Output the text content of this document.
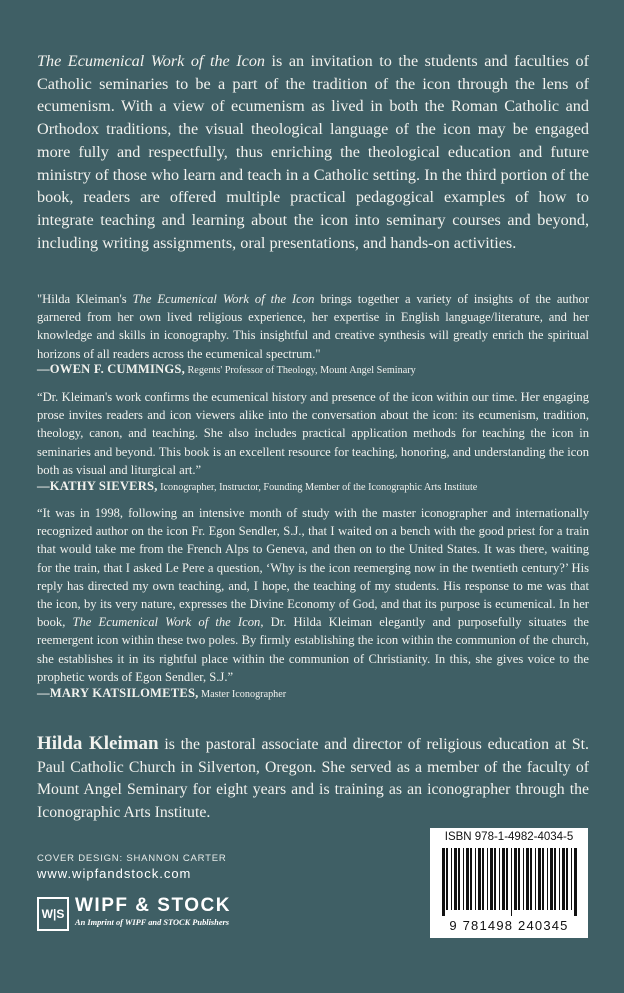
The Ecumenical Work of the Icon is an invitation to the students and faculties of Catholic seminaries to be a part of the tradition of the icon through the lens of ecumenism. With a view of ecumenism as lived in both the Roman Catholic and Orthodox traditions, the visual theological language of the icon may be engaged more fully and respectfully, thus enriching the theological education and future ministry of those who learn and teach in a Catholic setting. In the third portion of the book, readers are offered multiple practical pedagogical examples of how to integrate teaching and learning about the icon into seminary courses and beyond, including writing assignments, oral presentations, and hands-on activities.

"Hilda Kleiman's The Ecumenical Work of the Icon brings together a variety of insights of the author garnered from her own lived religious experience, her expertise in English language/literature, and her knowledge and skills in iconography. This insightful and creative synthesis will greatly enrich the spiritual horizons of all readers across the ecumenical spectrum."

—OWEN F. CUMMINGS, Regents' Professor of Theology, Mount Angel Seminary

“Dr. Kleiman's work confirms the ecumenical history and presence of the icon within our time. Her engaging prose invites readers and icon viewers alike into the conversation about the icon: its ecumenism, tradition, theology, canon, and teaching. She also includes practical application methods for teaching the icon in seminaries and beyond. This book is an excellent resource for teaching, honoring, and understanding the icon both as visual and liturgical art.”

—KATHY SIEVERS, Iconographer, Instructor, Founding Member of the Iconographic Arts Institute

“It was in 1998, following an intensive month of study with the master iconographer and internationally recognized author on the icon Fr. Egon Sendler, S.J., that I waited on a bench with the good priest for a train that would take me from the French Alps to Geneva, and then on to the United States. It was there, waiting for the train, that I asked Le Pere a question, ‘Why is the icon reemerging now in the twentieth century?’ His reply has directed my own teaching, and, I hope, the teaching of my students. His response to me was that the icon, by its very nature, expresses the Divine Economy of God, and that its purpose is ecumenical. In her book, The Ecumenical Work of the Icon, Dr. Hilda Kleiman elegantly and purposefully situates the reemergent icon within these two poles. By firmly establishing the icon within the communion of the church, she establishes it in its rightful place within the communion of Christianity. In this, she gives voice to the prophetic words of Egon Sendler, S.J.”

—MARY KATSILOMETES, Master Iconographer

Hilda Kleiman is the pastoral associate and director of religious education at St. Paul Catholic Church in Silverton, Oregon. She served as a member of the faculty of Mount Angel Seminary for eight years and is training as an iconographer through the Iconographic Arts Institute.

COVER DESIGN: SHANNON CARTER
www.wipfandstock.com
W|S WIPF & STOCK
An Imprint of WIPF and STOCK Publishers
ISBN 978-1-4982-4034-5
9 781498 240345
